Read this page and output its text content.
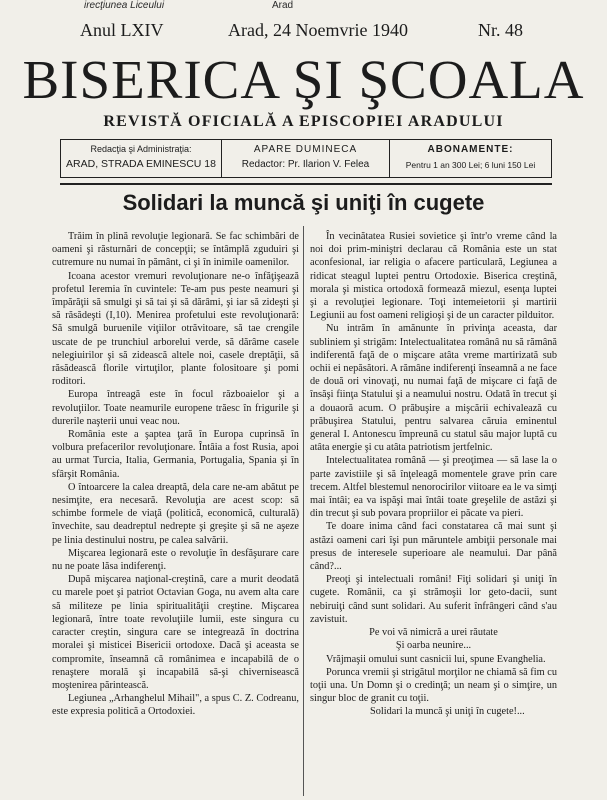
irecţiunea Liceului	Arad
Anul LXIV	Arad, 24 Noemvrie 1940	Nr. 48
BISERICA ŞI ŞCOALA
REVISTĂ OFICIALĂ A EPISCOPIEI ARADULUI
Redacţia şi Administraţia:
ARAD, STRADA EMINESCU 18
APARE DUMINECA
Redactor: Pr. Ilarion V. Felea
ABONAMENTE:
Pentru 1 an 300 Lei; 6 luni 150 Lei
Solidari la muncă şi uniţi în cugete

Trăim în plină revoluţie legionară. Se fac schimbări de oameni şi răsturnări de concepţii; se întâmplă zguduiri şi cutremure nu numai în pământ, ci şi în inimile oamenilor.

Icoana acestor vremuri revoluţionare ne-o înfăţişează profetul Ieremia în cuvintele: Te-am pus peste neamuri şi împărăţii să smulgi şi să tai şi să dărâmi, şi iar să zideşti şi să răsădeşti (I,10). Menirea profetului este revoluţionară: Să smulgă buruenile viţiilor otrăvitoare, să tae crengile uscate de pe trunchiul arborelui verde, să dărâme casele nelegiuirilor şi să zidească altele noi, casele dreptăţii, să răsădească florile virtuţilor, plante folositoare şi pomi roditori.

Europa întreagă este în focul războaielor şi a revoluţiilor. Toate neamurile europene trăesc în frigurile şi durerile naşterii unui veac nou.

România este a şaptea ţară în Europa cuprinsă în volbura prefacerilor revoluţionare. Întâia a fost Rusia, apoi au urmat Turcia, Italia, Germania, Portugalia, Spania şi în sfârşit România.

O întoarcere la calea dreaptă, dela care ne-am abătut pe nesimţite, era necesară. Revoluţia are acest scop: să schimbe formele de viaţă (politică, economică, culturală) învechite, sau deadreptul nedrepte şi greşite şi să ne aşeze pe linia destinului nostru, pe calea salvării.

Mişcarea legionară este o revoluţie în desfăşurare care nu ne poate lăsa indiferenţi.

După mişcarea naţional-creştină, care a murit deodată cu marele poet şi patriot Octavian Goga, nu avem alta care să militeze pe linia spiritualităţii creştine. Mişcarea legionară, între toate revoluţiile lumii, este singura cu caracter creştin, singura care se integrează în doctrina moralei şi misticei Bisericii ortodoxe. Dacă şi aceasta se compromite, înseamnă că românimea e incapabilă de o renaştere morală şi incapabilă să-şi chivernisească moştenirea părintească.

Legiunea „Arhanghelul Mihail", a spus C. Z. Codreanu, este expresia politică a Ortodoxiei.

În vecinătatea Rusiei sovietice şi într'o vreme când la noi doi prim-miniştri declarau că România este un stat aconfesional, iar religia o afacere particulară, Legiunea a ridicat steagul luptei pentru Ortodoxie. Biserica creştină, morala şi mistica ortodoxă formează miezul, esenţa luptei şi a revoluţiei legionare. Toţi intemeietorii şi martirii Legiunii au fost oameni religioşi şi de un caracter pilduitor.

Nu intrăm în amănunte în privinţa aceasta, dar subliniem şi strigăm: Intelectualitatea românâ nu să rămână indiferentă faţă de o mişcare atâta vreme martirizată sub ochii ei nepăsători. A rămâne indiferenţi înseamnă a ne face de două ori vinovaţi, nu numai faţă de mişcare ci faţă de însăşi fiinţa Statului şi a neamului nostru. Odată în trecut şi a douaoră acum. O prăbuşire a mişcării echivalează cu prăbuşirea Statului, pentru salvarea căruia eminentul general I. Antonescu împreună cu statul său major luptă cu atâta energie şi cu atâta patriotism jertfelnic.

Intelectualitatea română — şi preoţimea — să lase la o parte zavistiile şi să înţeleagă momentele grave prin care trecem. Altfel blestemul nenorocirilor viitoare ea le va simţi mai întâi; ea va ispăşi mai întâi toate greşelile de astăzi şi din trecut şi sub povara propriilor ei păcate va pieri.

Te doare inima când faci constatarea că mai sunt şi astăzi oameni cari îşi pun măruntele ambiţii personale mai presus de interesele superioare ale neamului. Dar până când?...

Preoţi şi intelectuali români! Fiţi solidari şi uniţi în cugete. Românii, ca şi strămoşii lor geto-dacii, sunt nebiruiţi când sunt solidari. Au suferit înfrângeri când s'au zavistuit.

Pe voi vă nimicră a urei răutate

Şi oarba neunire...

Vrăjmaşii omului sunt casnicii lui, spune Evanghelia.

Porunca vremii şi strigătul morţilor ne chiamă să fim cu toţii una. Un Domn şi o credinţă; un neam şi o simţire, un singur bloc de granit cu toţii.

Solidari la muncă şi uniţi în cugete!...
